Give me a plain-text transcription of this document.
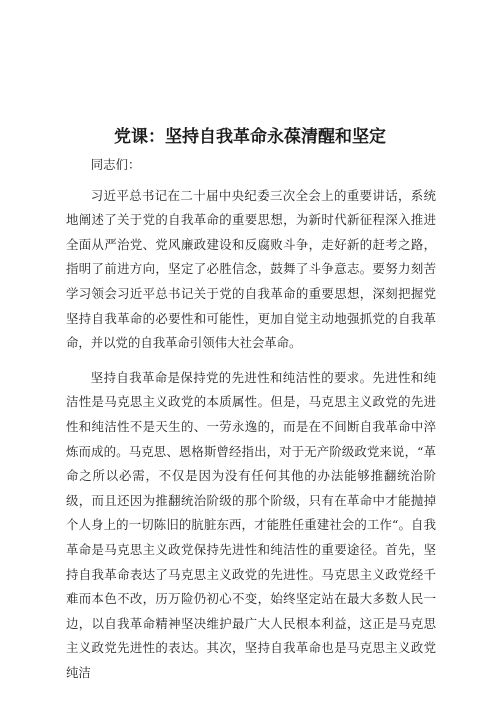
党课：坚持自我革命永葆清醒和坚定

同志们：

习近平总书记在二十届中央纪委三次全会上的重要讲话，系统地阐述了关于党的自我革命的重要思想，为新时代新征程深入推进全面从严治党、党风廉政建设和反腐败斗争，走好新的赶考之路，指明了前进方向，坚定了必胜信念，鼓舞了斗争意志。要努力刻苦学习领会习近平总书记关于党的自我革命的重要思想，深刻把握党坚持自我革命的必要性和可能性，更加自觉主动地强抓党的自我革命，并以党的自我革命引领伟大社会革命。

坚持自我革命是保持党的先进性和纯洁性的要求。先进性和纯洁性是马克思主义政党的本质属性。但是，马克思主义政党的先进性和纯洁性不是天生的、一劳永逸的，而是在不间断自我革命中淬炼而成的。马克思、恩格斯曾经指出，对于无产阶级政党来说，“革命之所以必需，不仅是因为没有任何其他的办法能够推翻统治阶级，而且还因为推翻统治阶级的那个阶级，只有在革命中才能抛掉个人身上的一切陈旧的肮脏东西，才能胜任重建社会的工作“。自我革命是马克思主义政党保持先进性和纯洁性的重要途径。首先，坚持自我革命表达了马克思主义政党的先进性。马克思主义政党经千难而本色不改，历万险仍初心不变，始终坚定站在最大多数人民一边，以自我革命精神坚决维护最广大人民根本利益，这正是马克思主义政党先进性的表达。其次，坚持自我革命也是马克思主义政党纯洁
